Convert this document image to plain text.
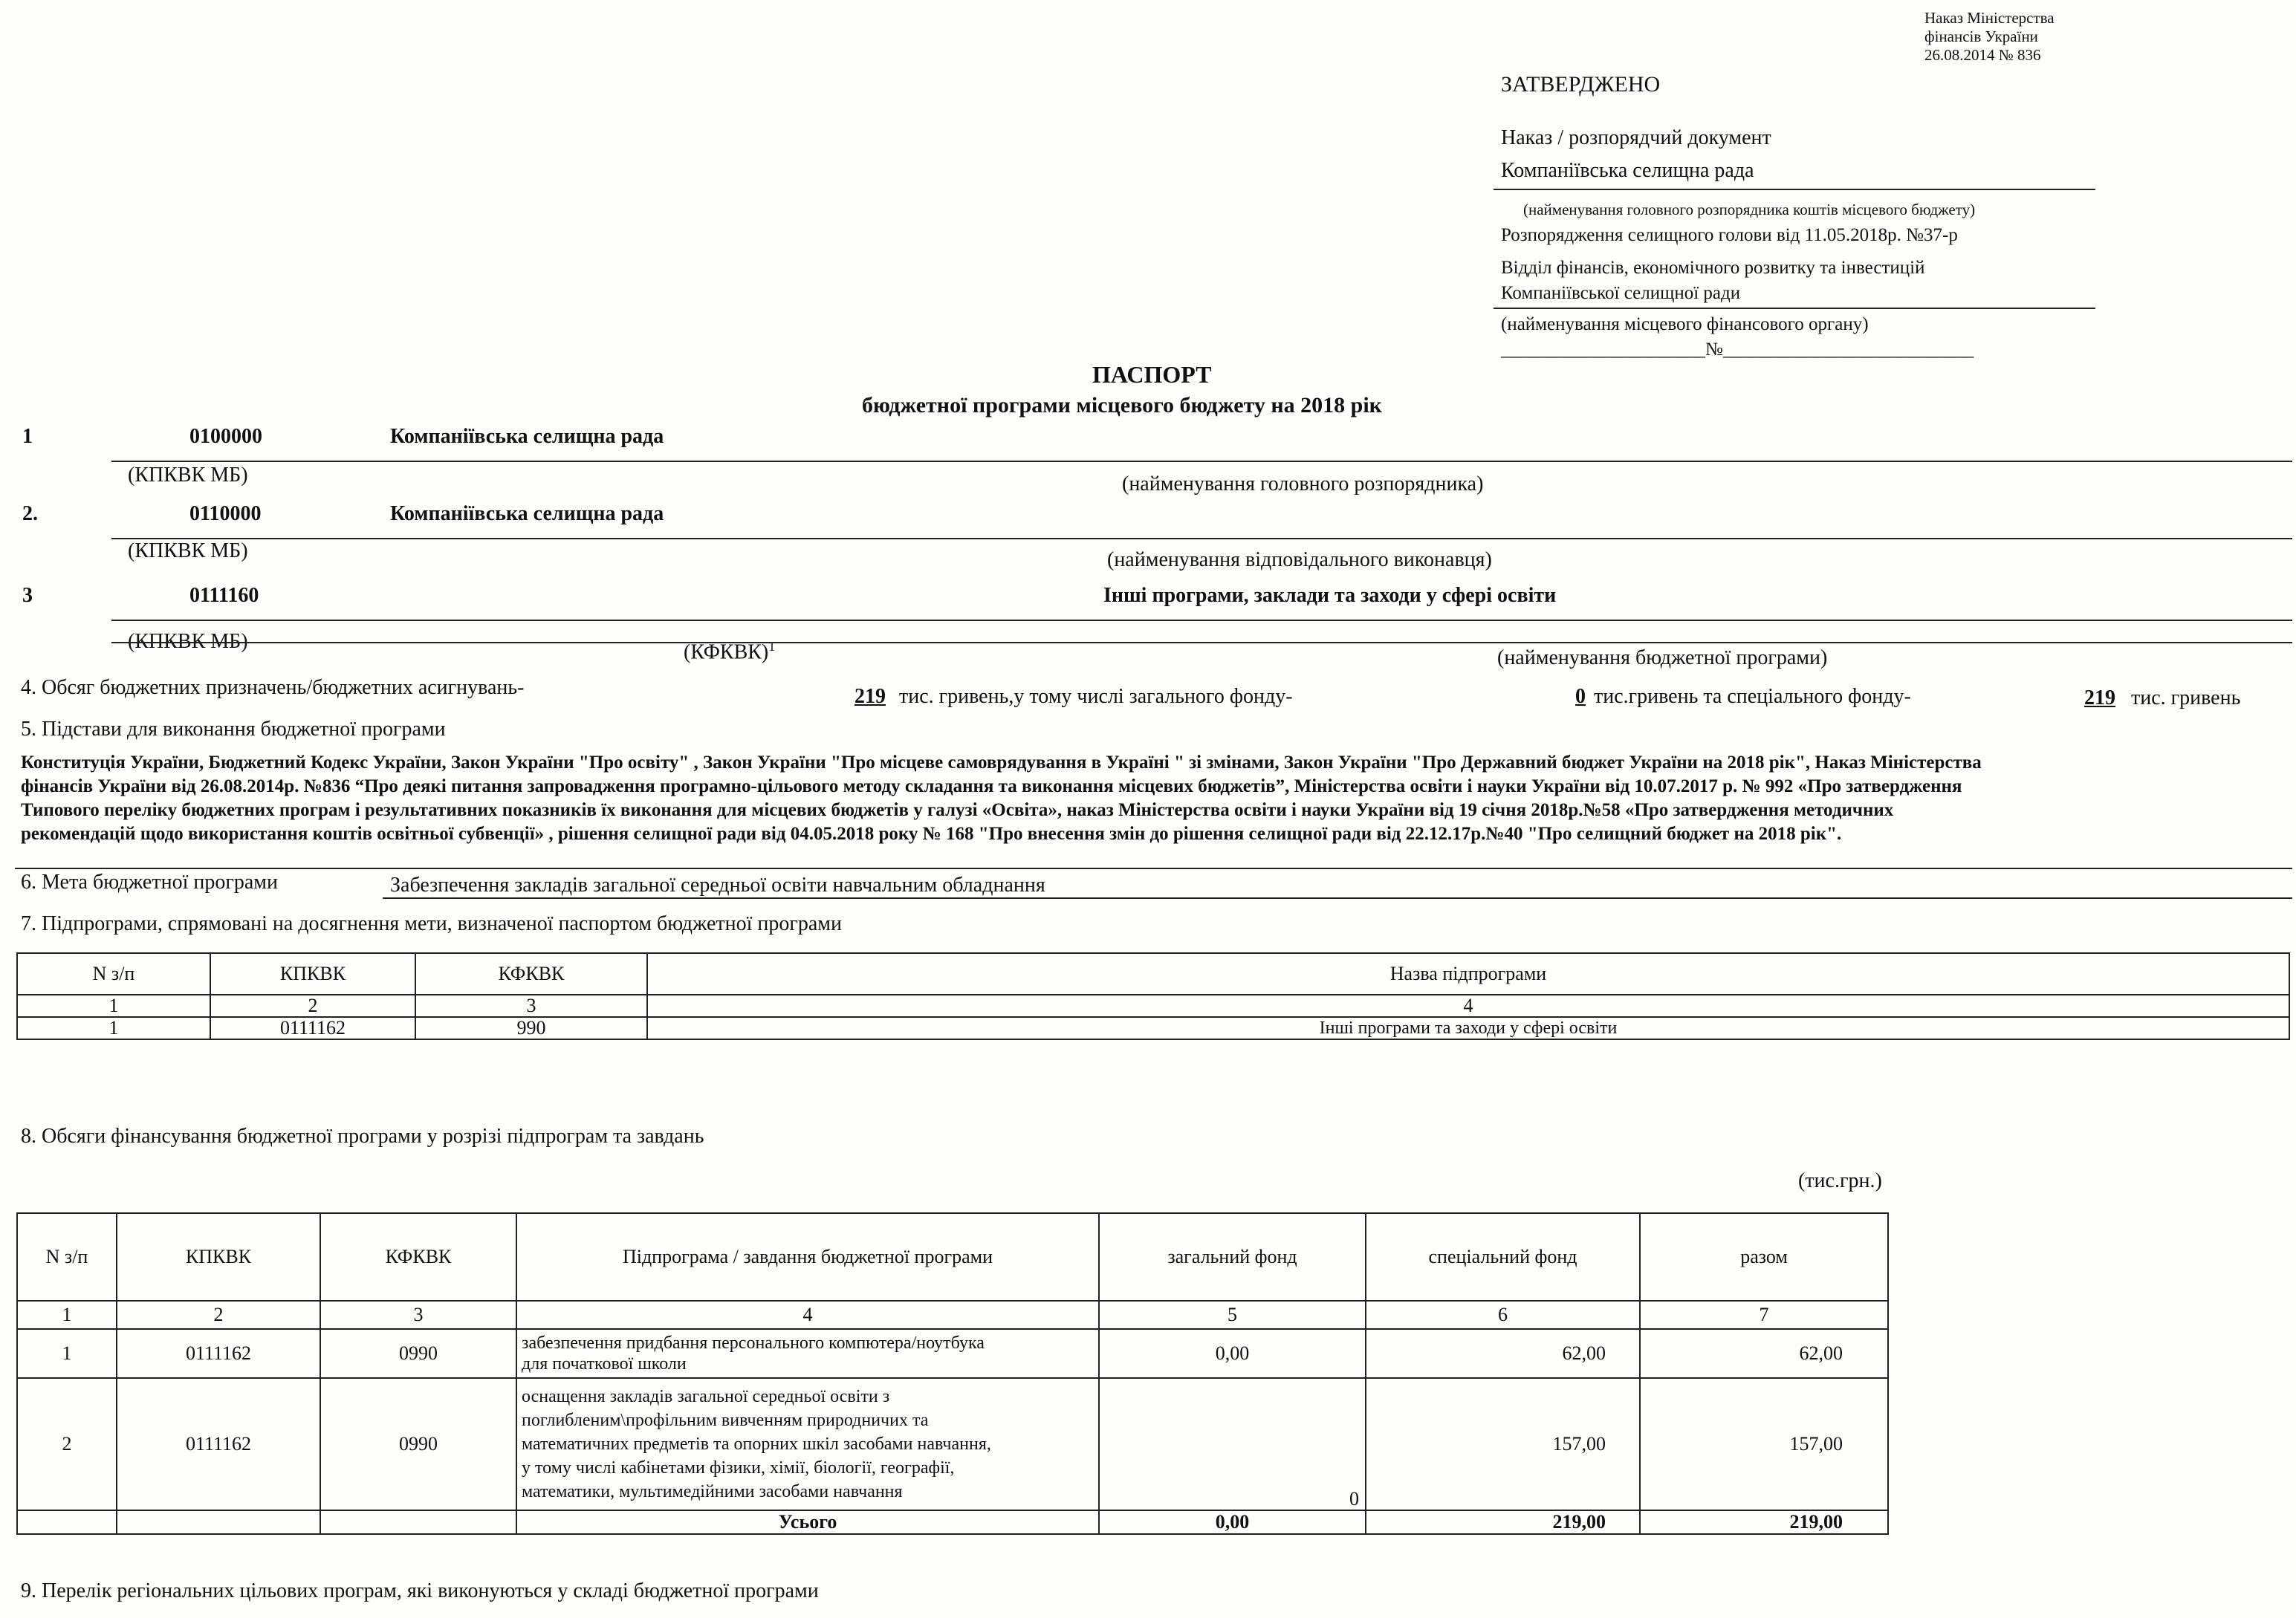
Наказ Міністерства
фінансів України
26.08.2014 № 836
ЗАТВЕРДЖЕНО
Наказ / розпорядчий документ
Компаніївська селищна рада
(найменування головного розпорядника коштів місцевого бюджету)
Розпорядження селищного голови від 11.05.2018р. №37-р
Відділ фінансів, економічного розвитку та інвестицій
Компаніївської селищної ради
(найменування місцевого фінансового органу)
______________________№___________________________
ПАСПОРТ
бюджетної програми місцевого бюджету на 2018 рік
1	0100000	Компаніївська селищна рада
(КПКВК МБ)	(найменування головного розпорядника)
2.	0110000	Компаніївська селищна рада
(КПКВК МБ)	(найменування відповідального виконавця)
3	0111160	Інші програми, заклади та заходи у сфері освіти
(КПКВК МБ)	(КФКВК)$^1$	(найменування бюджетної програми)
4. Обсяг бюджетних призначень/бюджетних асигнувань-	219 тис. гривень,у тому числі загального фонду-	0 тис.гривень та спеціального фонду-	219 тис. гривень
5. Підстави для виконання бюджетної програми
Конституція України, Бюджетний Кодекс України, Закон України "Про освіту" , Закон України "Про місцеве самоврядування в Україні " зі змінами, Закон України "Про Державний бюджет України на 2018 рік", Наказ Міністерства
фінансів України від 26.08.2014р. №836 “Про деякі питання запровадження програмно-цільового методу складання та виконання місцевих бюджетів”, Міністерства освіти і науки України від 10.07.2017 р. № 992 «Про затвердження
Типового переліку бюджетних програм і результативних показників їх виконання для місцевих бюджетів у галузі «Освіта», наказ Міністерства освіти і науки України від 19 січня 2018р.№58 «Про затвердження методичних
рекомендацій щодо використання коштів освітньої субвенції» , рішення селищної ради від 04.05.2018 року № 168 "Про внесення змін до рішення селищної ради від 22.12.17р.№40 "Про селищний бюджет на 2018 рік".
6. Мета бюджетної програми	Забезпечення закладів загальної середньої освіти навчальним обладнання
7. Підпрограми, спрямовані на досягнення мети, визначеної паспортом бюджетної програми
N з/п	КПКВК	КФКВК	Назва підпрограми
1	2	3	4
1	0111162	990	Інші програми та заходи у сфері освіти
8. Обсяги фінансування бюджетної програми у розрізі підпрограм та завдань
(тис.грн.)
N з/п	КПКВК	КФКВК	Підпрограма / завдання бюджетної програми	загальний фонд	спеціальний фонд	разом
1	2	3	4	5	6	7
1	0111162	0990	забезпечення придбання персонального компютера/ноутбука
для початкової школи	0,00	62,00	62,00
2	0111162	0990	оснащення закладів загальної середньої освіти з
поглибленим\профільним вивченням природничих та
математичних предметів та опорних шкіл засобами навчання,
у тому числі кабінетами фізики, хімії, біології, географії,
математики, мультимедійними засобами навчання	0	157,00	157,00
			Усього	0,00	219,00	219,00
9. Перелік регіональних цільових програм, які виконуються у складі бюджетної програми
